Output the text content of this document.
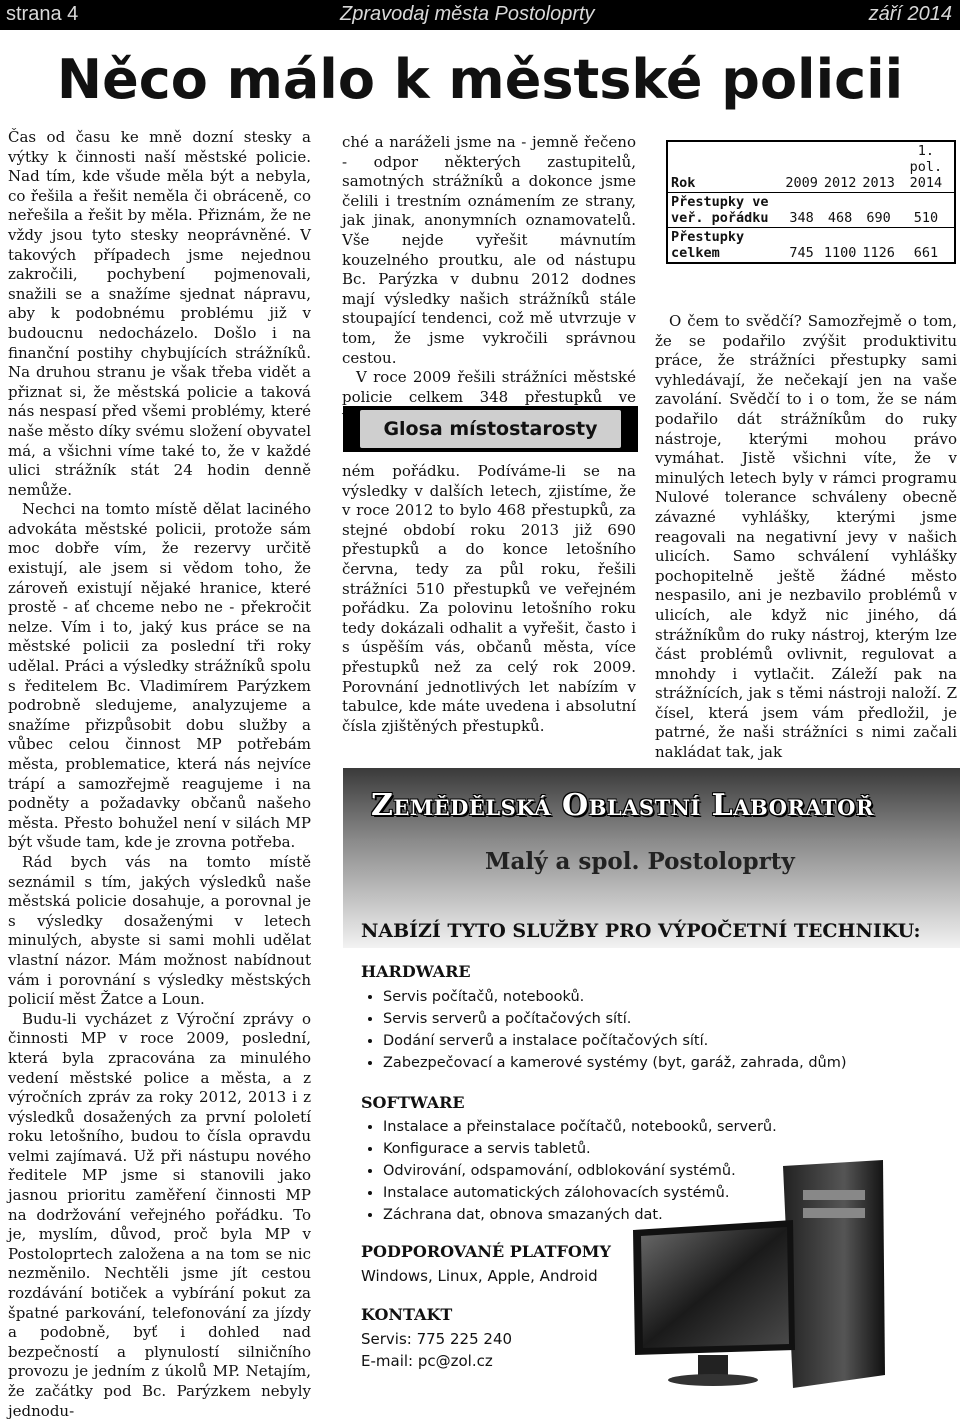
strana 4	Zpravodaj města Postoloprty	září 2014
Něco málo k městské policii

Čas od času ke mně dozní stesky a výtky k činnosti naší městské policie. Nad tím, kde všude měla být a nebyla, co řešila a řešit neměla či obráceně, co neřešila a řešit by měla. Přiznám, že ne vždy jsou tyto stesky neoprávněné. V takových případech jsme nejednou zakročili, pochybení pojmenovali, snažili se a snažíme sjednat nápravu, aby k podobnému problému již v budoucnu nedocházelo. Došlo i na finanční postihy chybujících strážníků. Na druhou stranu je však třeba vidět a přiznat si, že městská policie a taková nás nespasí před všemi problémy, které naše město díky svému složení obyvatel má, a všichni víme také to, že v každé ulici strážník stát 24 hodin denně nemůže.

Nechci na tomto místě dělat laciného advokáta městské policii, protože sám moc dobře vím, že rezervy určitě existují, ale jsem si vědom toho, že zároveň existují nějaké hranice, které prostě - ať chceme nebo ne - překročit nelze. Vím i to, jaký kus práce se na městské policii za poslední tři roky udělal. Práci a výsledky strážníků spolu s ředitelem Bc. Vladimírem Parýzkem podrobně sledujeme, analyzujeme a snažíme přizpůsobit dobu služby a vůbec celou činnost MP potřebám města, problematice, která nás nejvíce trápí a samozřejmě reagujeme i na podněty a požadavky občanů našeho města. Přesto bohužel není v silách MP být všude tam, kde je zrovna potřeba.

Rád bych vás na tomto místě seznámil s tím, jakých výsledků naše městská policie dosahuje, a porovnal je s výsledky dosaženými v letech minulých, abyste si sami mohli udělat vlastní názor. Mám možnost nabídnout vám i porovnání s výsledky městských policií měst Žatce a Loun.

Budu-li vycházet z Výroční zprávy o činnosti MP v roce 2009, poslední, která byla zpracována za minulého vedení městské police a města, a z výročních zpráv za roky 2012, 2013 i z výsledků dosažených za první pololetí roku letošního, budou to čísla opravdu velmi zajímavá. Už při nástupu nového ředitele MP jsme si stanovili jako jasnou prioritu zaměření činnosti MP na dodržování veřejného pořádku. To je, myslím, důvod, proč byla MP v Postoloprtech založena a na tom se nic nezměnilo. Nechtěli jsme jít cestou rozdávání botiček a vybírání pokut za špatné parkování, telefonování za jízdy a podobně, byť i dohled nad bezpečností a plynulostí silničního provozu je jedním z úkolů MP. Netajím, že začátky pod Bc. Parýzkem nebyly jednodu-

ché a naráželi jsme na - jemně řečeno - odpor některých zastupitelů, samotných strážníků a dokonce jsme čelili i trestním oznámením ze strany, jak jinak, anonymních oznamovatelů. Vše nejde vyřešit mávnutím kouzelného proutku, ale od nástupu Bc. Parýzka v dubnu 2012 dodnes mají výsledky našich strážníků stále stoupající tendenci, což mě utvrzuje v tom, že jsme vykročili správnou cestou.

V roce 2009 řešili strážníci městské policie celkem 348 přestupků ve

Glosa místostarosty

ném pořádku. Podíváme-li se na výsledky v dalších letech, zjistíme, že v roce 2012 to bylo 468 přestupků, za stejné období roku 2013 již 690 přestupků a do konce letošního června, tedy za půl roku, řešili strážníci 510 přestupků ve veřejném pořádku. Za polovinu letošního roku tedy dokázali odhalit a vyřešit, často i s úspěším vás, občanů města, více přestupků než za celý rok 2009. Porovnání jednotlivých let nabízím v tabulce, kde máte uvedena i absolutní čísla zjištěných přestupků.

Rok	2009	2012	2013	1. pol. 2014
Přestupky ve veř. pořádku	348	468	690	510
Přestupky celkem	745	1100	1126	661

O čem to svědčí? Samozřejmě o tom, že se podařilo zvýšit produktivitu práce, že strážníci přestupky sami vyhledávají, že nečekají jen na vaše zavolání. Svědčí to i o tom, že se nám podařilo dát strážníkům do ruky nástroje, kterými mohou právo vymáhat. Jistě všichni víte, že v minulých letech byly v rámci programu Nulové tolerance schváleny obecně závazné vyhlášky, kterými jsme reagovali na negativní jevy v našich ulicích. Samo schválení vyhlášky pochopitelně ještě žádné město nespasilo, ani je nezbavilo problémů v ulicích, ale když nic jiného, dá strážníkům do ruky nástroj, kterým lze část problémů ovlivnit, regulovat a mnohdy i vytlačit. Záleží pak na strážnících, jak s těmi nástroji naloží. Z čísel, která jsem vám předložil, je patrné, že naši strážníci s nimi začali nakládat tak, jak

Zemědělská Oblastní Laboratoř
Malý a spol. Postoloprty
NABÍZÍ TYTO SLUŽBY PRO VÝPOČETNÍ TECHNIKU:
HARDWARE
• Servis počítačů, notebooků.
• Servis serverů a počítačových sítí.
• Dodání serverů a instalace počítačových sítí.
• Zabezpečovací a kamerové systémy (byt, garáž, zahrada, dům)
SOFTWARE
• Instalace a přeinstalace počítačů, notebooků, serverů.
• Konfigurace a servis tabletů.
• Odvirování, odspamování, odblokování systémů.
• Instalace automatických zálohovacích systémů.
• Záchrana dat, obnova smazaných dat.
PODPOROVANÉ PLATFOMY
Windows, Linux, Apple, Android
KONTAKT
Servis: 775 225 240
E-mail: pc@zol.cz
